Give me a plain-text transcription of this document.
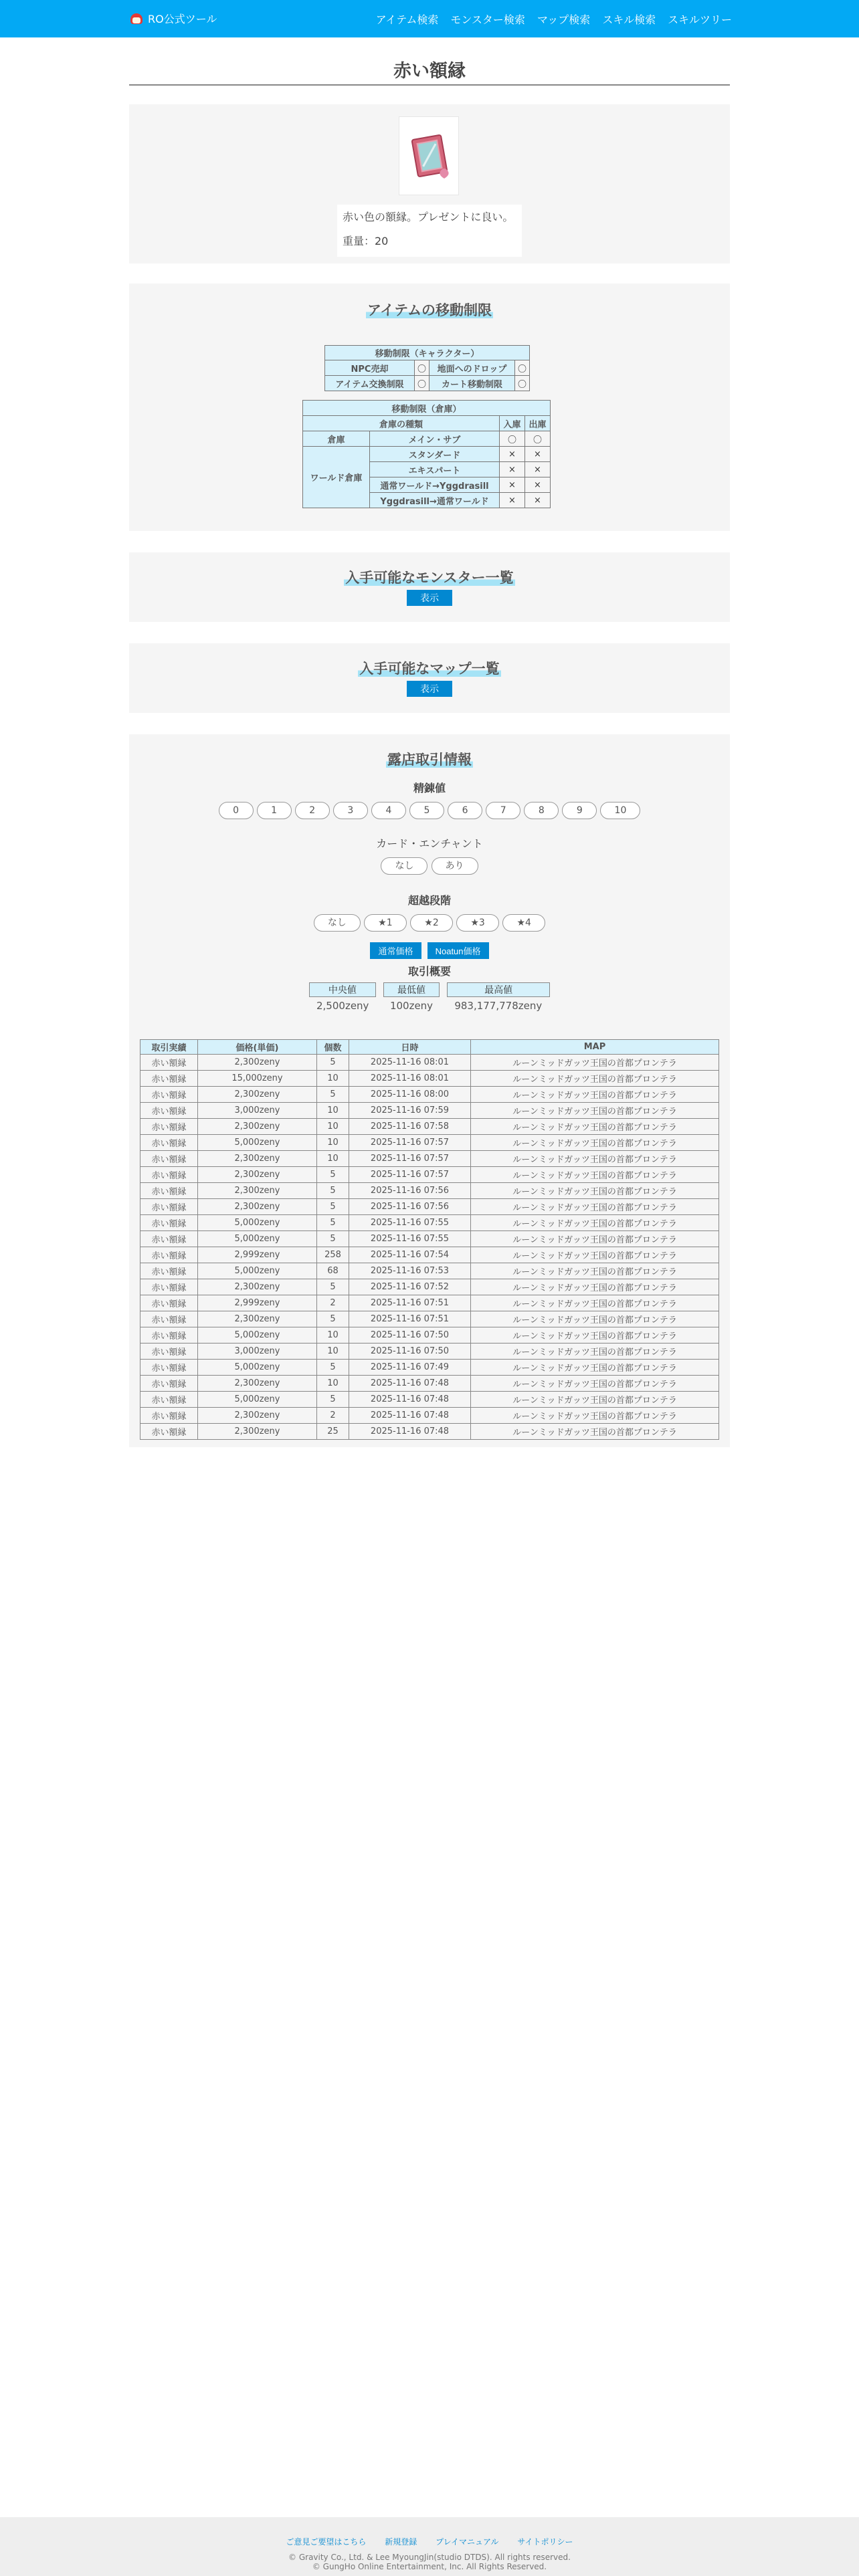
RO公式ツール	アイテム検索 モンスター検索 マップ検索 スキル検索 スキルツリー
赤い額縁
赤い色の額縁。プレゼントに良い。
重量：20
アイテムの移動制限
移動制限（キャラクター）			
NPC売却	〇	地面へのドロップ	〇
アイテム交換制限	〇	カート移動制限	〇
移動制限（倉庫）			
倉庫の種類		入庫	出庫
倉庫	メイン・サブ	〇	〇
ワールド倉庫	スタンダード	×	×
	エキスパート	×	×
	通常ワールド→Yggdrasill	×	×
	Yggdrasill→通常ワールド	×	×
入手可能なモンスター一覧
表示
入手可能なマップ一覧
表示
露店取引情報
精錬値
0	1	2	3	4	5	6	7	8	9	10
カード・エンチャント
なし	あり
超越段階
なし	★1	★2	★3	★4
通常価格	Noatun価格
取引概要
中央値	最低値	最高値
2,500zeny 100zeny 983,177,778zeny
取引実績	価格(単価)	個数	日時	MAP
赤い額縁	2,300zeny	5	2025-11-16 08:01	ルーンミッドガッツ王国の首都プロンテラ
赤い額縁	15,000zeny	10	2025-11-16 08:01	ルーンミッドガッツ王国の首都プロンテラ
赤い額縁	2,300zeny	5	2025-11-16 08:00	ルーンミッドガッツ王国の首都プロンテラ
赤い額縁	3,000zeny	10	2025-11-16 07:59	ルーンミッドガッツ王国の首都プロンテラ
赤い額縁	2,300zeny	10	2025-11-16 07:58	ルーンミッドガッツ王国の首都プロンテラ
赤い額縁	5,000zeny	10	2025-11-16 07:57	ルーンミッドガッツ王国の首都プロンテラ
赤い額縁	2,300zeny	10	2025-11-16 07:57	ルーンミッドガッツ王国の首都プロンテラ
赤い額縁	2,300zeny	5	2025-11-16 07:57	ルーンミッドガッツ王国の首都プロンテラ
赤い額縁	2,300zeny	5	2025-11-16 07:56	ルーンミッドガッツ王国の首都プロンテラ
赤い額縁	2,300zeny	5	2025-11-16 07:56	ルーンミッドガッツ王国の首都プロンテラ
赤い額縁	5,000zeny	5	2025-11-16 07:55	ルーンミッドガッツ王国の首都プロンテラ
赤い額縁	5,000zeny	5	2025-11-16 07:55	ルーンミッドガッツ王国の首都プロンテラ
赤い額縁	2,999zeny	258	2025-11-16 07:54	ルーンミッドガッツ王国の首都プロンテラ
赤い額縁	5,000zeny	68	2025-11-16 07:53	ルーンミッドガッツ王国の首都プロンテラ
赤い額縁	2,300zeny	5	2025-11-16 07:52	ルーンミッドガッツ王国の首都プロンテラ
赤い額縁	2,999zeny	2	2025-11-16 07:51	ルーンミッドガッツ王国の首都プロンテラ
赤い額縁	2,300zeny	5	2025-11-16 07:51	ルーンミッドガッツ王国の首都プロンテラ
赤い額縁	5,000zeny	10	2025-11-16 07:50	ルーンミッドガッツ王国の首都プロンテラ
赤い額縁	3,000zeny	10	2025-11-16 07:50	ルーンミッドガッツ王国の首都プロンテラ
赤い額縁	5,000zeny	5	2025-11-16 07:49	ルーンミッドガッツ王国の首都プロンテラ
赤い額縁	2,300zeny	10	2025-11-16 07:48	ルーンミッドガッツ王国の首都プロンテラ
赤い額縁	5,000zeny	5	2025-11-16 07:48	ルーンミッドガッツ王国の首都プロンテラ
赤い額縁	2,300zeny	2	2025-11-16 07:48	ルーンミッドガッツ王国の首都プロンテラ
赤い額縁	2,300zeny	25	2025-11-16 07:48	ルーンミッドガッツ王国の首都プロンテラ
ご意見ご要望はこちら 新規登録 プレイマニュアル サイトポリシー
© Gravity Co., Ltd. & Lee MyoungJin(studio DTDS). All rights reserved.
© GungHo Online Entertainment, Inc. All Rights Reserved.
